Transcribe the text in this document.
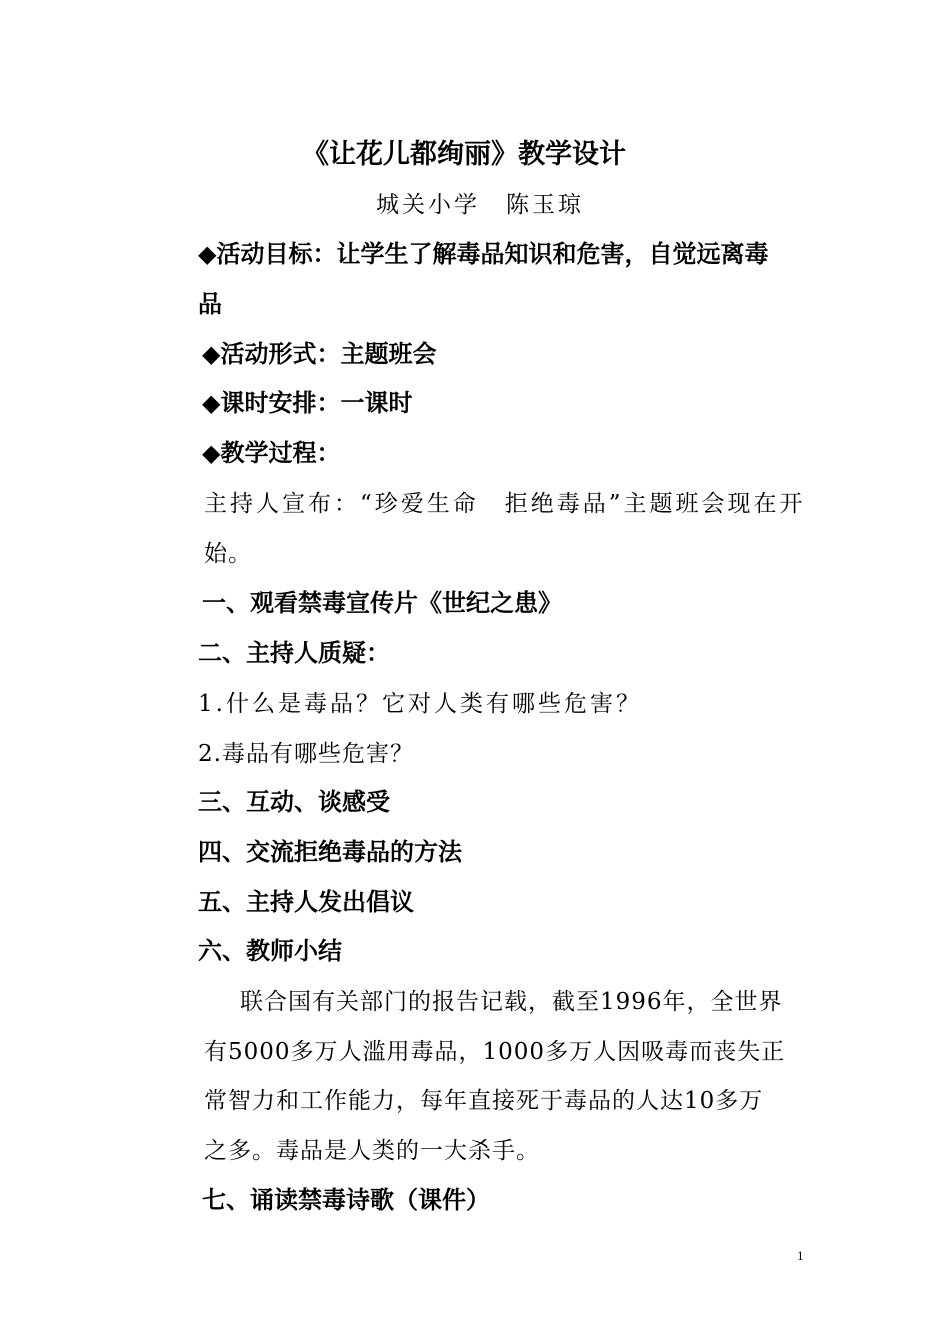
《让花儿都绚丽》教学设计
城关小学　陈玉琼
◆活动目标：让学生了解毒品知识和危害，自觉远离毒
品
◆活动形式：主题班会
◆课时安排：一课时
◆教学过程：
主持人宣布：“珍爱生命　拒绝毒品”主题班会现在开
始。
一、观看禁毒宣传片《世纪之患》
二、主持人质疑：
1.什么是毒品？它对人类有哪些危害？
2.毒品有哪些危害？
三、互动、谈感受
四、交流拒绝毒品的方法
五、主持人发出倡议
六、教师小结
联合国有关部门的报告记载，截至1996年，全世界
有5000多万人滥用毒品，1000多万人因吸毒而丧失正
常智力和工作能力，每年直接死于毒品的人达10多万
之多。毒品是人类的一大杀手。
七、诵读禁毒诗歌（课件）
1
